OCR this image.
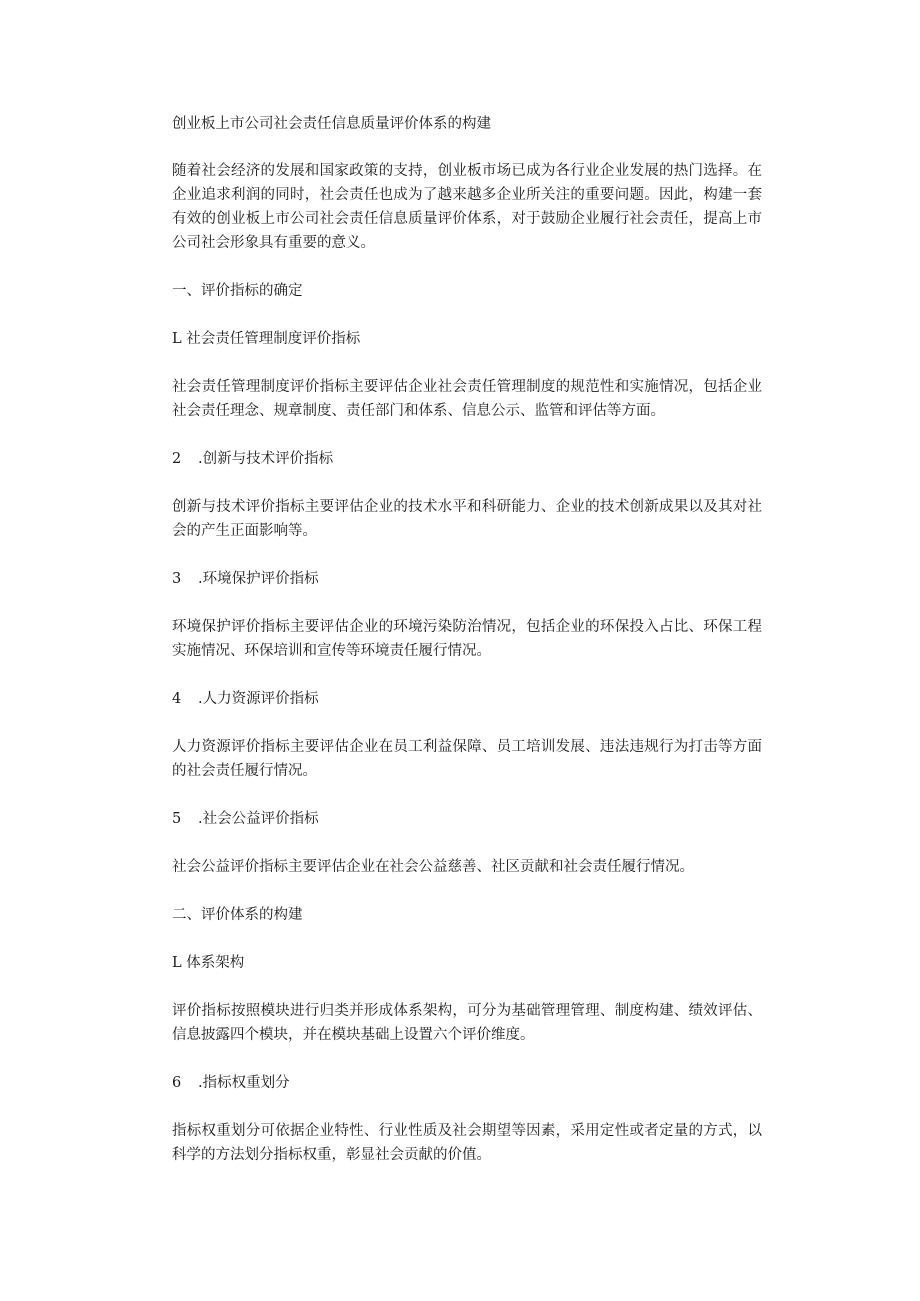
创业板上市公司社会责任信息质量评价体系的构建

随着社会经济的发展和国家政策的支持，创业板市场已成为各行业企业发展的热门选择。在企业追求利润的同时，社会责任也成为了越来越多企业所关注的重要问题。因此，构建一套有效的创业板上市公司社会责任信息质量评价体系，对于鼓励企业履行社会责任，提高上市公司社会形象具有重要的意义。

一、评价指标的确定

L 社会责任管理制度评价指标

社会责任管理制度评价指标主要评估企业社会责任管理制度的规范性和实施情况，包括企业社会责任理念、规章制度、责任部门和体系、信息公示、监管和评估等方面。

2 .创新与技术评价指标

创新与技术评价指标主要评估企业的技术水平和科研能力、企业的技术创新成果以及其对社会的产生正面影响等。

3 .环境保护评价指标

环境保护评价指标主要评估企业的环境污染防治情况，包括企业的环保投入占比、环保工程实施情况、环保培训和宣传等环境责任履行情况。

4 .人力资源评价指标

人力资源评价指标主要评估企业在员工利益保障、员工培训发展、违法违规行为打击等方面的社会责任履行情况。

5 .社会公益评价指标

社会公益评价指标主要评估企业在社会公益慈善、社区贡献和社会责任履行情况。

二、评价体系的构建

L 体系架构

评价指标按照模块进行归类并形成体系架构，可分为基础管理管理、制度构建、绩效评估、信息披露四个模块，并在模块基础上设置六个评价维度。

6 .指标权重划分

指标权重划分可依据企业特性、行业性质及社会期望等因素，采用定性或者定量的方式，以科学的方法划分指标权重，彰显社会贡献的价值。
